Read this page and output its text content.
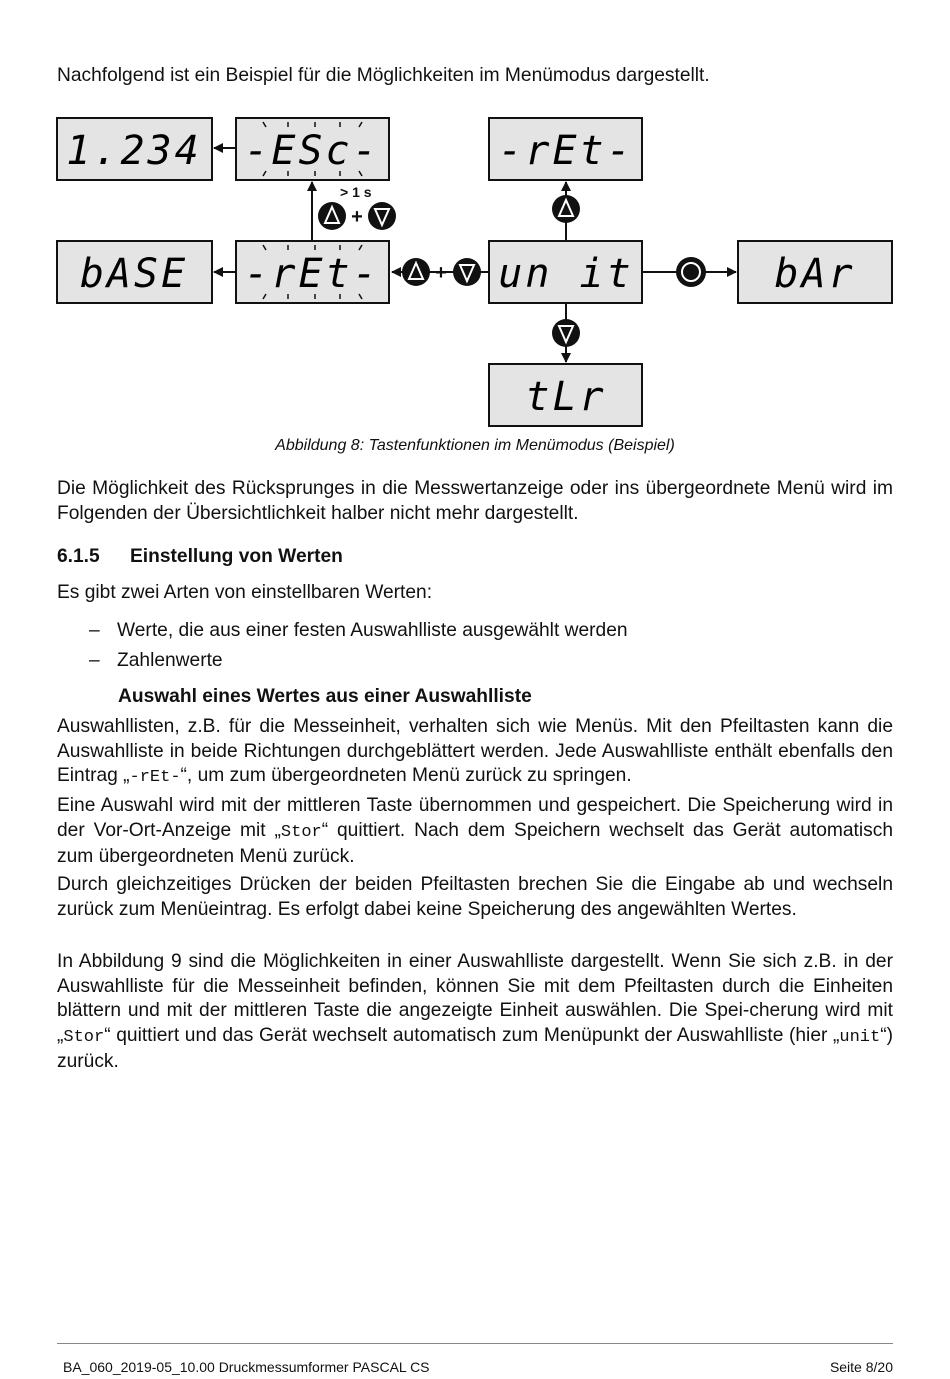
Nachfolgend ist ein Beispiel für die Möglichkeiten im Menümodus dargestellt.

1.234 -ESc-	-rEt-
bASE -rEt-	un it	bAr
tLr
> 1 s
+
+
Abbildung 8: Tastenfunktionen im Menümodus (Beispiel)

Die Möglichkeit des Rücksprunges in die Messwertanzeige oder ins übergeordnete Menü wird im Folgenden der Übersichtlichkeit halber nicht mehr dargestellt.

6.1.5 Einstellung von Werten

Es gibt zwei Arten von einstellbaren Werten:

– Werte, die aus einer festen Auswahlliste ausgewählt werden
– Zahlenwerte
Auswahl eines Wertes aus einer Auswahlliste

Auswahllisten, z.B. für die Messeinheit, verhalten sich wie Menüs. Mit den Pfeiltasten kann die Auswahlliste in beide Richtungen durchgeblättert werden. Jede Auswahlliste enthält ebenfalls den Eintrag „-rEt-“, um zum übergeordneten Menü zurück zu springen.

Eine Auswahl wird mit der mittleren Taste übernommen und gespeichert. Die Speicherung wird in der Vor-Ort-Anzeige mit „Stor“ quittiert. Nach dem Speichern wechselt das Gerät automatisch zum übergeordneten Menü zurück.

Durch gleichzeitiges Drücken der beiden Pfeiltasten brechen Sie die Eingabe ab und wechseln zurück zum Menüeintrag. Es erfolgt dabei keine Speicherung des angewählten Wertes.

In Abbildung 9 sind die Möglichkeiten in einer Auswahlliste dargestellt. Wenn Sie sich z.B. in der Auswahlliste für die Messeinheit befinden, können Sie mit dem Pfeiltasten durch die Einheiten blättern und mit der mittleren Taste die angezeigte Einheit auswählen. Die Spei-cherung wird mit „Stor“ quittiert und das Gerät wechselt automatisch zum Menüpunkt der Auswahlliste (hier „unit“) zurück.

BA_060_2019-05_10.00 Druckmessumformer PASCAL CS	Seite 8/20
